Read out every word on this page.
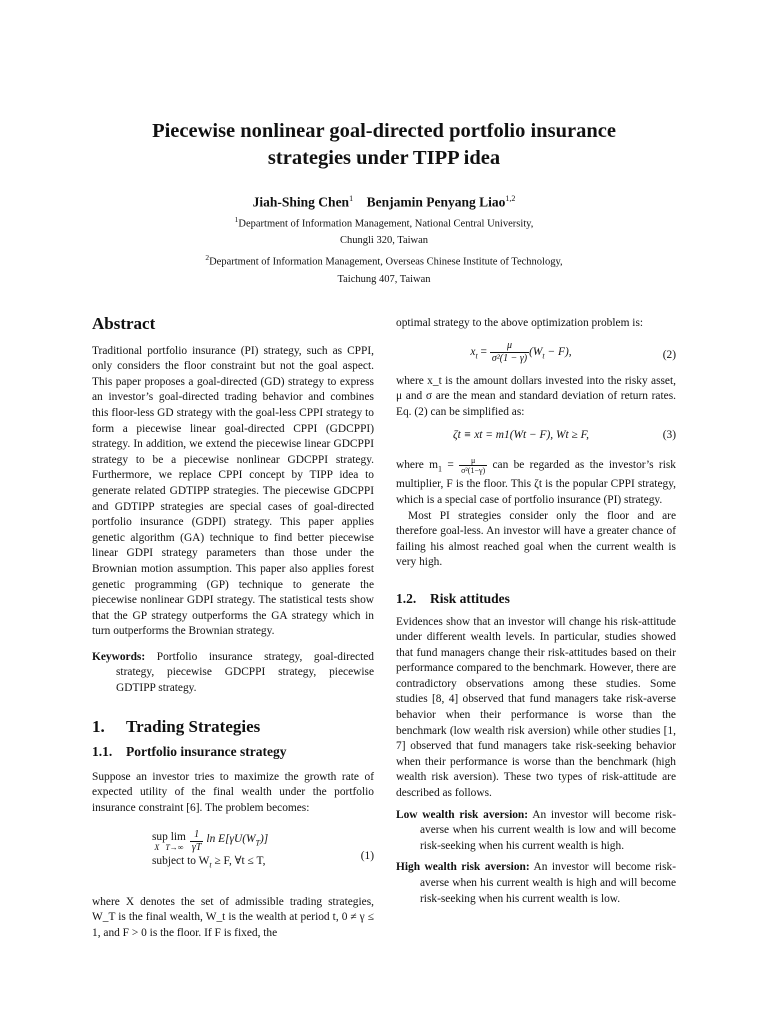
Piecewise nonlinear goal-directed portfolio insurance
strategies under TIPP idea
Jiah-Shing Chen$^1$ Benjamin Penyang Liao$^{1,2}$
$^1$Department of Information Management, National Central University,
Chungli 320, Taiwan
$^2$Department of Information Management, Overseas Chinese Institute of Technology,
Taichung 407, Taiwan
Abstract

Traditional portfolio insurance (PI) strategy, such as CPPI, only considers the floor constraint but not the goal aspect. This paper proposes a goal-directed (GD) strategy to express an investor’s goal-directed trading behavior and combines this floor-less GD strategy with the goal-less CPPI strategy to form a piecewise linear goal-directed CPPI (GDCPPI) strategy. In addition, we extend the piecewise linear GDCPPI strategy to be a piecewise nonlinear GDCPPI strategy. Furthermore, we replace CPPI concept by TIPP idea to generate related GDTIPP strategies. The piecewise GDCPPI and GDTIPP strategies are special cases of goal-directed portfolio insurance (GDPI) strategy. This paper applies genetic algorithm (GA) technique to find better piecewise linear GDPI strategy parameters than those under the Brownian motion assumption. This paper also applies forest genetic programming (GP) technique to generate the piecewise nonlinear GDPI strategy. The statistical tests show that the GP strategy outperforms the GA strategy which in turn outperforms the Brownian strategy.

Keywords: Portfolio insurance strategy, goal-directed strategy, piecewise GDCPPI strategy, piecewise GDTIPP strategy.

1. Trading Strategies
1.1. Portfolio insurance strategy

Suppose an investor tries to maximize the growth rate of expected utility of the final wealth under the portfolio insurance constraint [6]. The problem becomes:

sup lim
X $T\to\infty \frac{1}{\gamma T}$ $\ln E[\gamma U(W_T)]$
subject to $W_t \ge F$, ∀t ≤ T,	(1)

where X denotes the set of admissible trading strategies, W_T is the final wealth, W_t is the wealth at period t, 0 ≠ γ ≤ 1, and F > 0 is the floor. If F is fixed, the

optimal strategy to the above optimization problem is:

$x_t = \frac{\mu}{\text{σ²(1 − γ)}} (W_t - F)$,	(2)

where x_t is the amount dollars invested into the risky asset, μ and σ are the mean and standard deviation of return rates. Eq. (2) can be simplified as:

ζt ≡ xt = m1(Wt − F), Wt ≥ F,	(3)

where $m_1 = \frac{\mu}{\text{σ²(1−γ)}}$ can be regarded as the investor’s risk multiplier, F is the floor. This ζt is the popular CPPI strategy, which is a special case of portfolio insurance (PI) strategy.

Most PI strategies consider only the floor and are therefore goal-less. An investor will have a greater chance of failing his almost reached goal when the current wealth is very high.

1.2. Risk attitudes

Evidences show that an investor will change his risk-attitude under different wealth levels. In particular, studies showed that fund managers change their risk-attitudes based on their performance compared to the benchmark. However, there are contradictory observations among these studies. Some studies [8, 4] observed that fund managers take risk-averse behavior when their performance is worse than the benchmark (low wealth risk aversion) while other studies [1, 7] observed that fund managers take risk-seeking behavior when their performance is worse than the benchmark (high wealth risk aversion). These two types of risk-attitude are described as follows.

Low wealth risk aversion: An investor will become risk-averse when his current wealth is low and will become risk-seeking when his current wealth is high.

High wealth risk aversion: An investor will become risk-averse when his current wealth is high and will become risk-seeking when his current wealth is low.
